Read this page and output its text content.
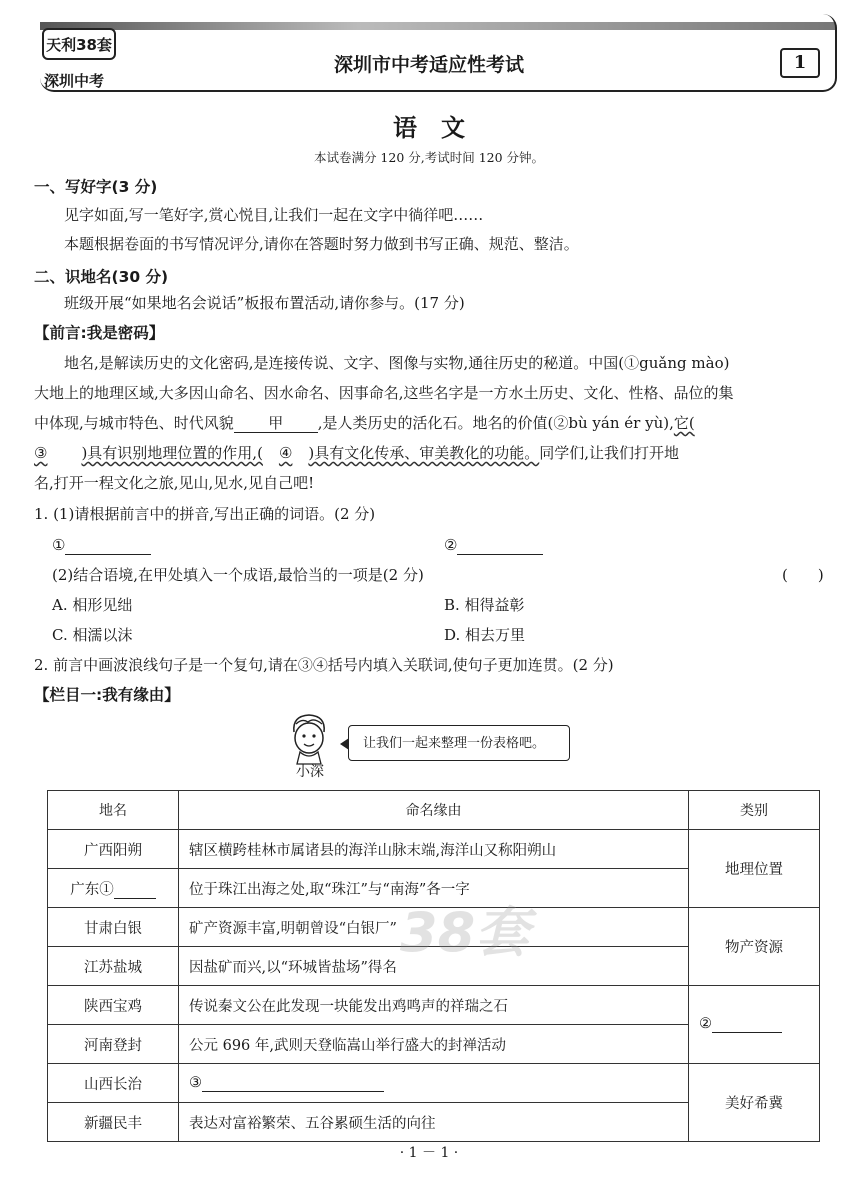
天利38套
深圳中考
深圳市中考适应性考试	1
语　文
本试卷满分 120 分,考试时间 120 分钟。
一、写好字(3 分)
见字如面,写一笔好字,赏心悦目,让我们一起在文字中徜徉吧……
本题根据卷面的书写情况评分,请你在答题时努力做到书写正确、规范、整洁。
二、识地名(30 分)
班级开展“如果地名会说话”板报布置活动,请你参与。(17 分)
【前言:我是密码】
地名,是解读历史的文化密码,是连接传说、文字、图像与实物,通往历史的秘道。中国(①guǎng mào)
大地上的地理区域,大多因山命名、因水命名、因事命名,这些名字是一方水土历史、文化、性格、品位的集
中体现,与城市特色、时代风貌 甲 ,是人类历史的活化石。地名的价值(②bù yán ér yù),它(
③ )具有识别地理位置的作用,( ④ )具有文化传承、审美教化的功能。同学们,让我们打开地
名,打开一程文化之旅,见山,见水,见自己吧!
1. (1)请根据前言中的拼音,写出正确的词语。(2 分)
①	②
(2)结合语境,在甲处填入一个成语,最恰当的一项是(2 分)	(　　)
A. 相形见绌	B. 相得益彰
C. 相濡以沫	D. 相去万里
2. 前言中画波浪线句子是一个复句,请在③④括号内填入关联词,使句子更加连贯。(2 分)
【栏目一:我有缘由】
小深
让我们一起来整理一份表格吧。
地名	命名缘由	类别
广西阳朔	辖区横跨桂林市属诸县的海洋山脉末端,海洋山又称阳朔山	地理位置
广东①	位于珠江出海之处,取“珠江”与“南海”各一字	
甘肃白银	矿产资源丰富,明朝曾设“白银厂”	物产资源
江苏盐城	因盐矿而兴,以“环城皆盐场”得名	
陕西宝鸡	传说秦文公在此发现一块能发出鸡鸣声的祥瑞之石	②
河南登封	公元 696 年,武则天登临嵩山举行盛大的封禅活动	
山西长治	③	美好希冀
新疆民丰	表达对富裕繁荣、五谷累硕生活的向往	
38套
· 1 － 1 ·
